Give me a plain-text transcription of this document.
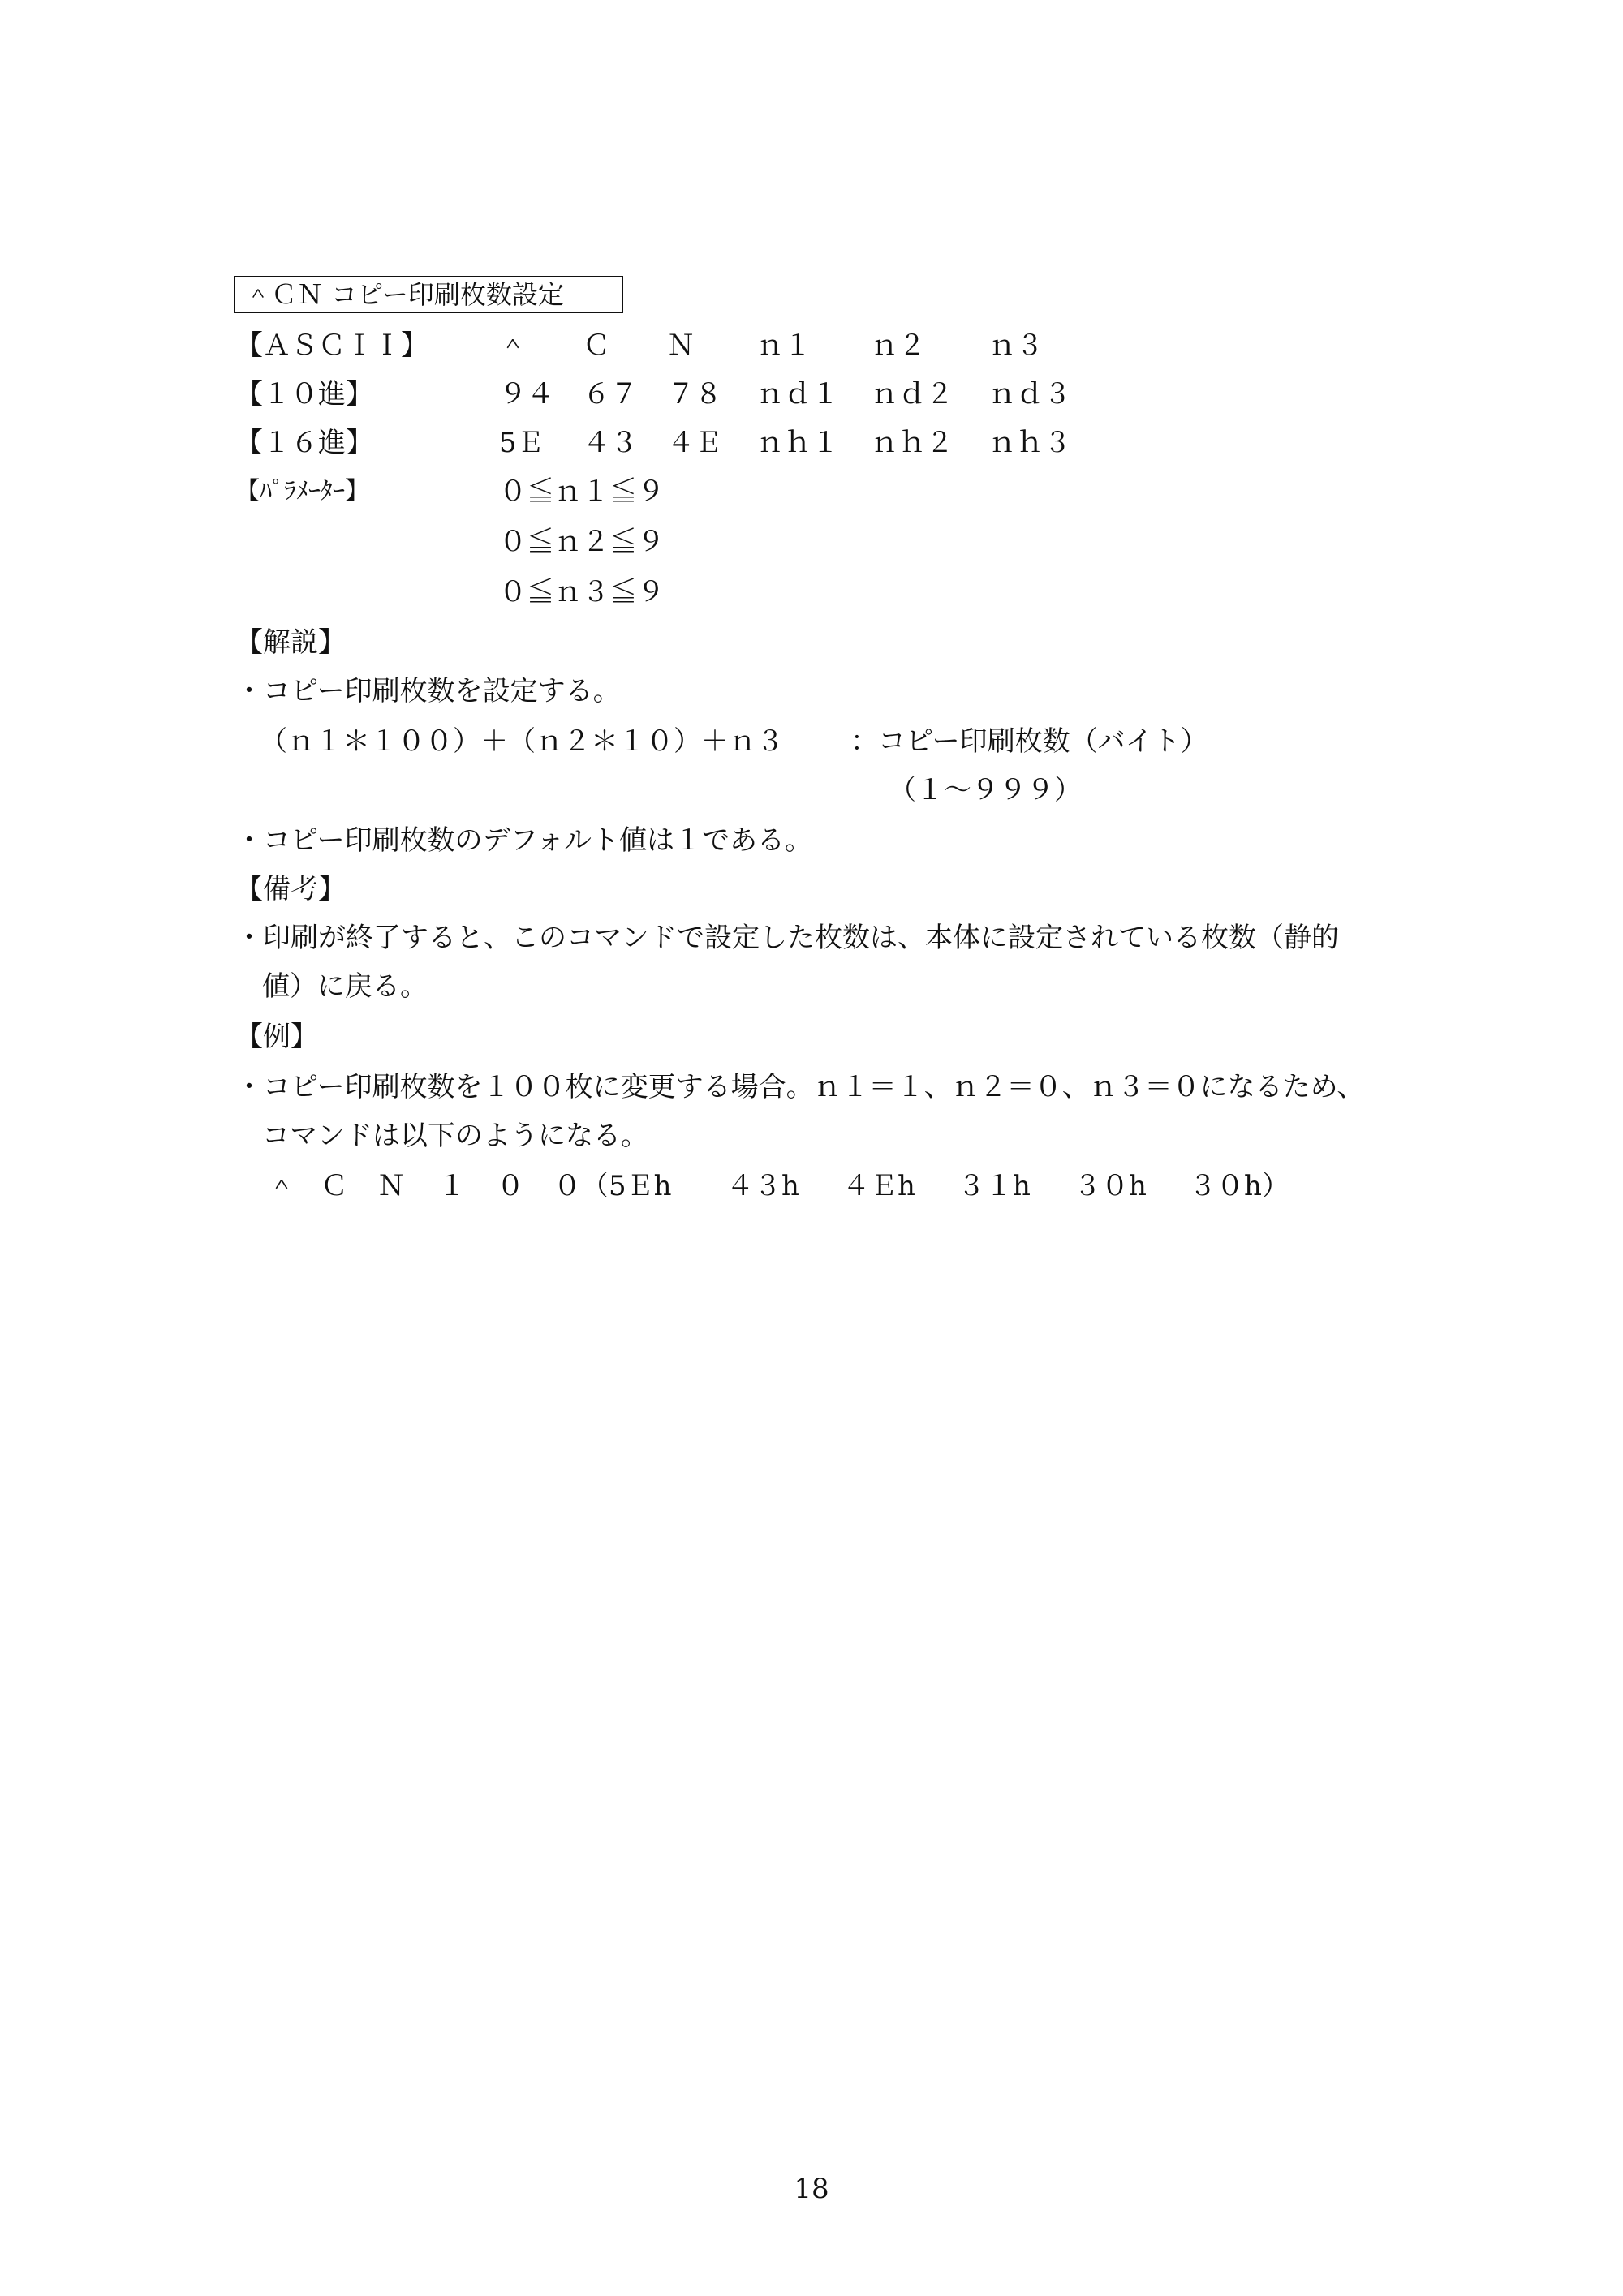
＾ＣＮ コピー印刷枚数設定
【ＡＳＣＩＩ】	＾ Ｃ Ｎ ｎ１ ｎ２ ｎ３
【１０進】	９４ ６７ ７８ ｎｄ１ ｎｄ２ ｎｄ３
【１６進】	5Ｅ ４３ ４Ｅ ｎｈ１ ｎｈ２ ｎｈ３
【ﾊﾟﾗﾒｰﾀｰ】	０≦ｎ１≦９
０≦ｎ２≦９
０≦ｎ３≦９
【解説】
・コピー印刷枚数を設定する。
（ｎ１＊１００）＋（ｎ２＊１０）＋ｎ３ ：コピー印刷枚数（バイト）
（１～９９９）
・コピー印刷枚数のデフォルト値は１である。
【備考】
・印刷が終了すると、このコマンドで設定した枚数は、本体に設定されている枚数（静的
値）に戻る。
【例】
・コピー印刷枚数を１００枚に変更する場合。ｎ１＝１、ｎ２＝０、ｎ３＝０になるため、
コマンドは以下のようになる。
＾ Ｃ Ｎ １ ０ ０（5Ｅh ４３h ４Ｅh ３１h ３０h ３０h）
18
